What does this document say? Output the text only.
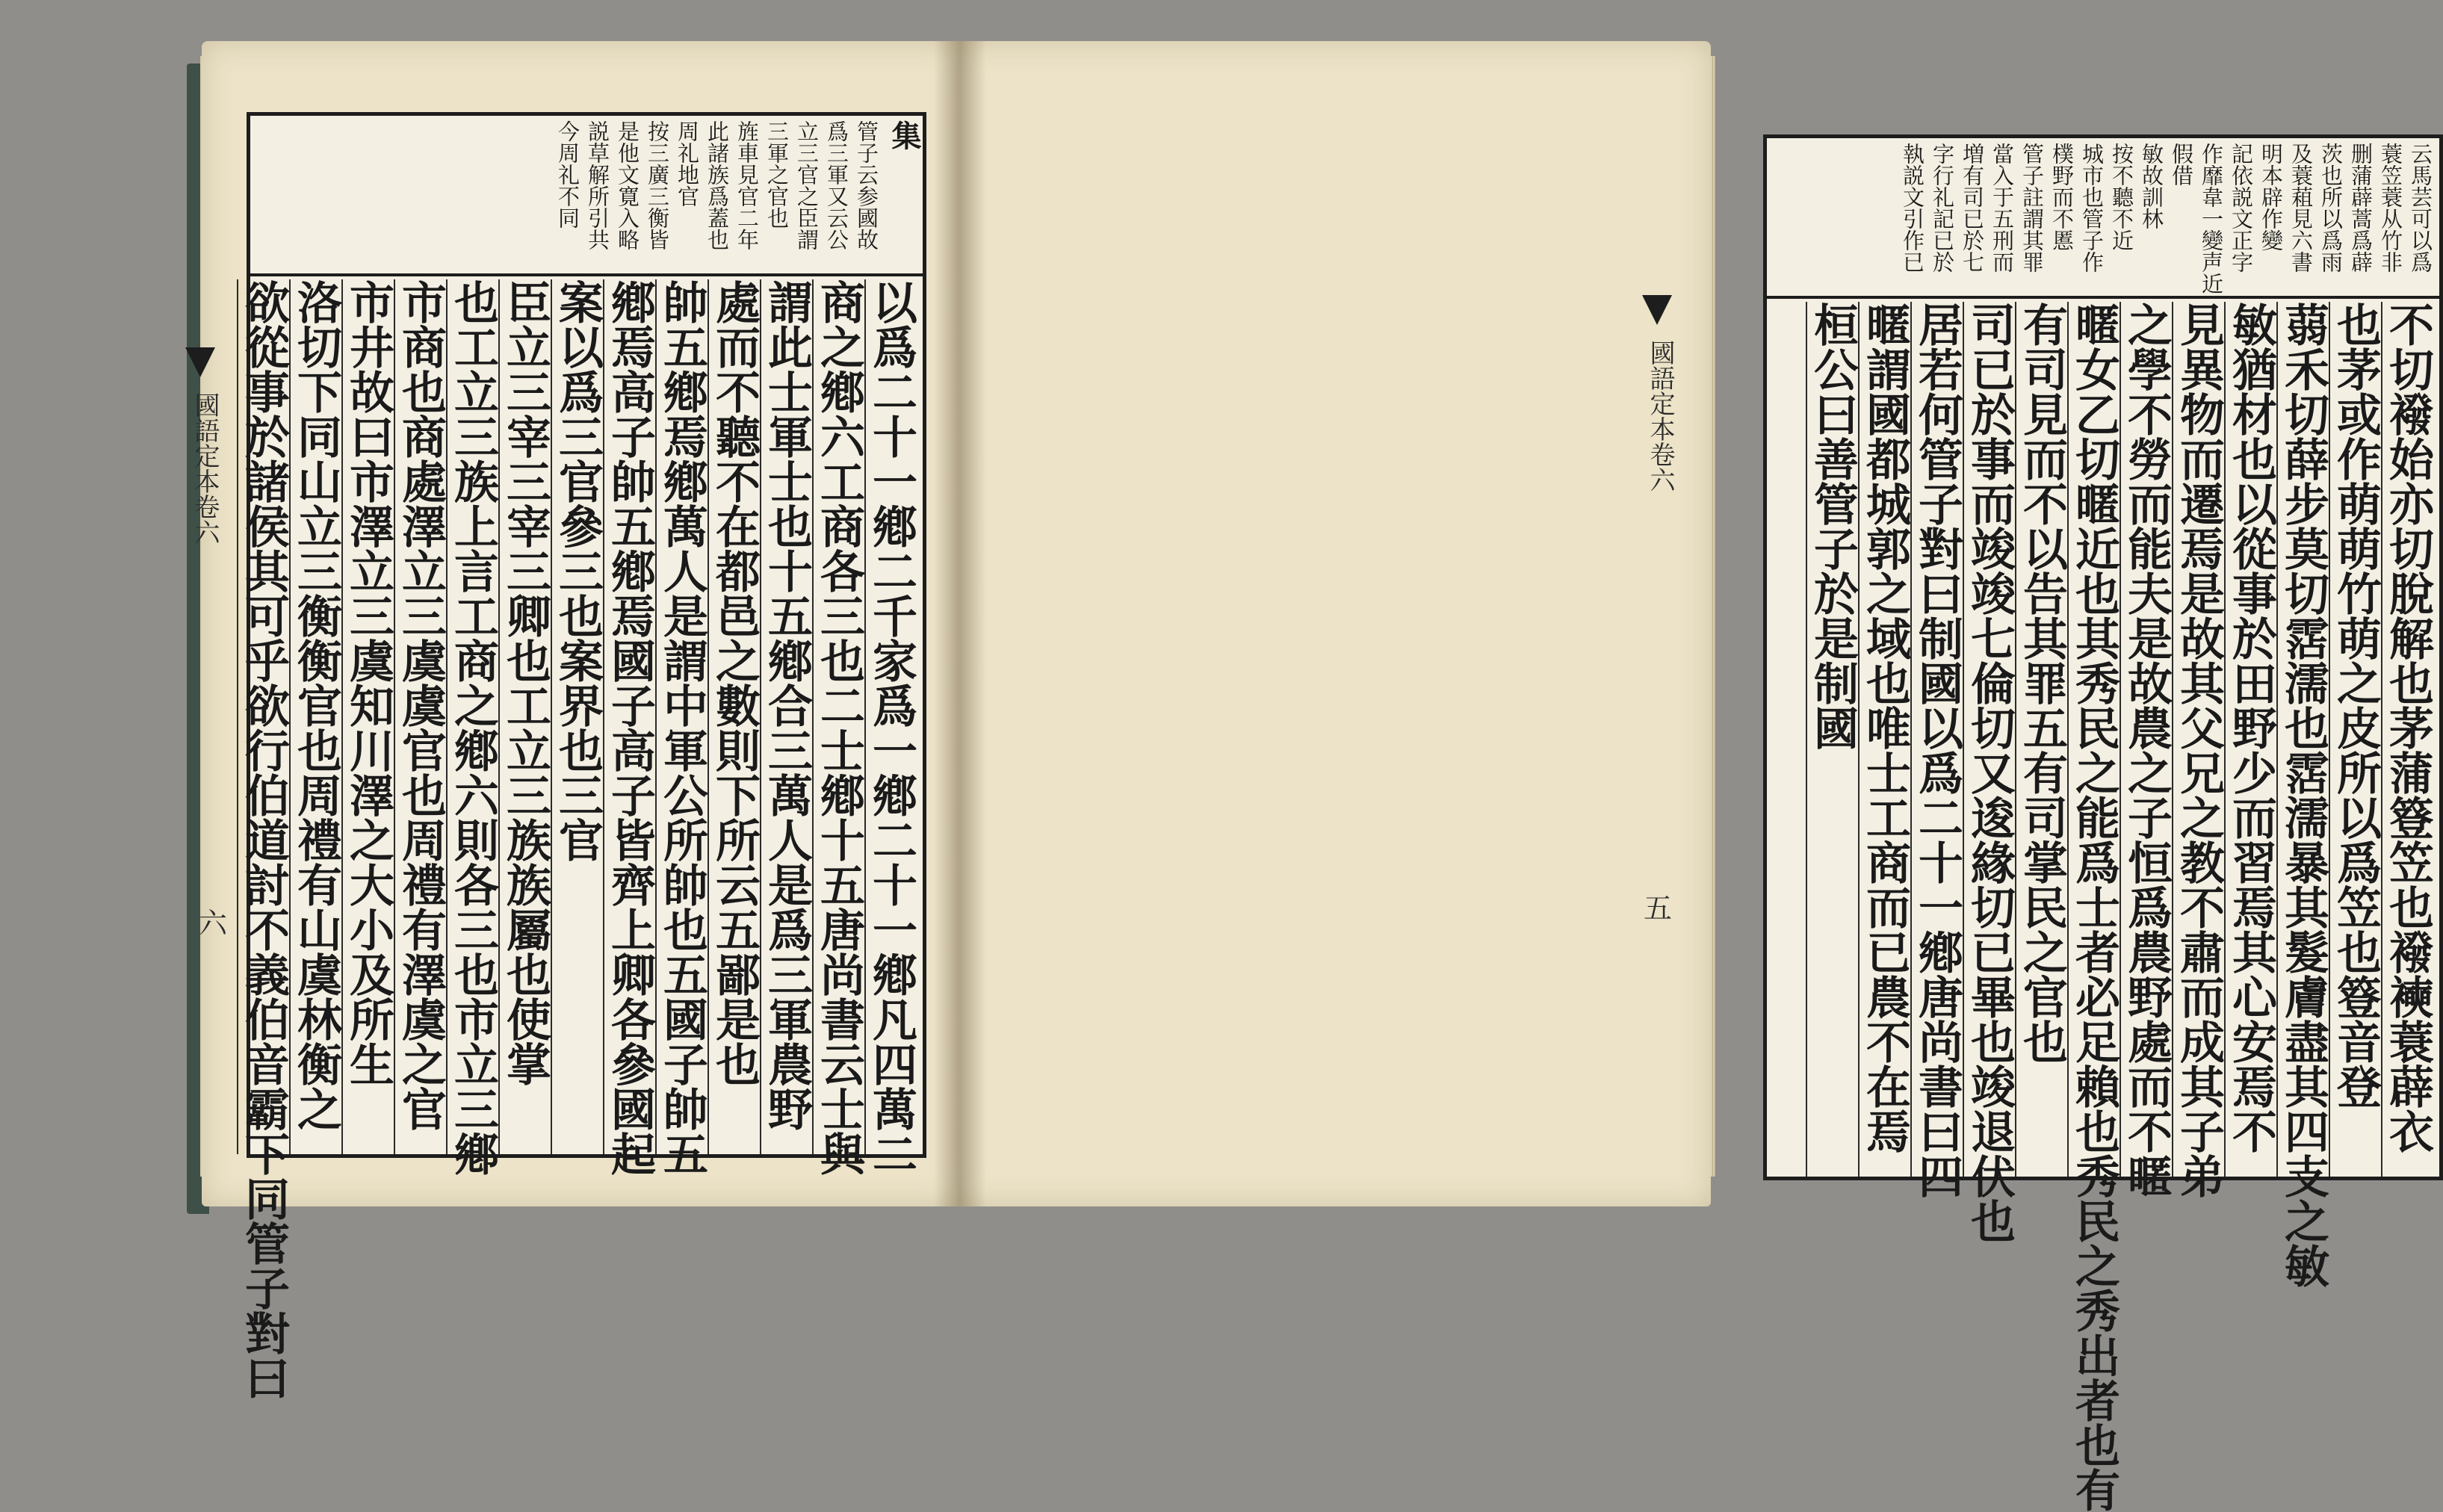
國語定本卷六
六
集
管子云参國故
爲三軍又云公
立三官之臣謂
三軍之官也
旌車見官二年
此諸族爲蓋也
周礼地官
按三廣三衡皆
是他文寛入略
説草解所引共
今周礼不同
以爲二十一鄕二千家爲一鄕二十一鄕凡四萬二
商之鄕六工商各三也二士鄕十五唐尚書云士與
謂此士軍士也十五鄕合三萬人是爲三軍農野
處而不聽不在都邑之數則下所云五鄙是也
帥五鄕焉鄕萬人是謂中軍公所帥也五國子帥五
鄕焉高子帥五鄕焉國子高子皆齊上卿各參國起
案以爲三官參三也案界也三官
臣立三宰三宰三卿也工立三族族屬也使掌
也工立三族上言工商之鄕六則各三也市立三鄕
市商也商處澤立三虞虞官也周禮有澤虞之官
市井故曰市澤立三虞知川澤之大小及所生
洛切下同山立三衡衡官也周禮有山虞林衡之
欲從事於諸侯其可乎欲行伯道討不義伯音霸下同管子對曰	國語定本卷六
五
云馬芸可以爲
蓑笠蓑从竹非
删蒲薜蒿爲薜
茨也所以爲雨
及蓑蒩見六書
明本辟作變
記依説文正字
作靡韋一變声近
假借
敏故訓林
按不聽不近
城市也管子作
樸野而不慝
管子註謂其罪
當入于五刑而
増有司已於七
字行礼記已於
執説文引作已
不切襏始亦切脫解也茅蒲簦笠也襏襫蓑薜衣
也茅或作萌萌竹萌之皮所以爲笠也簦音登
蒻禾切薛步莫切霑濡也霑濡暴其髮膚盡其四支之敏
敏猶材也以從事於田野少而習焉其心安焉不
見異物而遷焉是故其父兄之教不肅而成其子弟
之學不勞而能夫是故農之子恒爲農野處而不暱
暱女乙切暱近也其秀民之能爲士者必足賴也秀民之秀出者也有
有司見而不以告其罪五有司掌民之官也
司已於事而竣竣七倫切又逡緣切已畢也竣退伏也
居若何管子對曰制國以爲二十一鄕唐尚書曰四
暱謂國都城郭之域也唯士工商而已農不在焉
桓公曰善管子於是制國
